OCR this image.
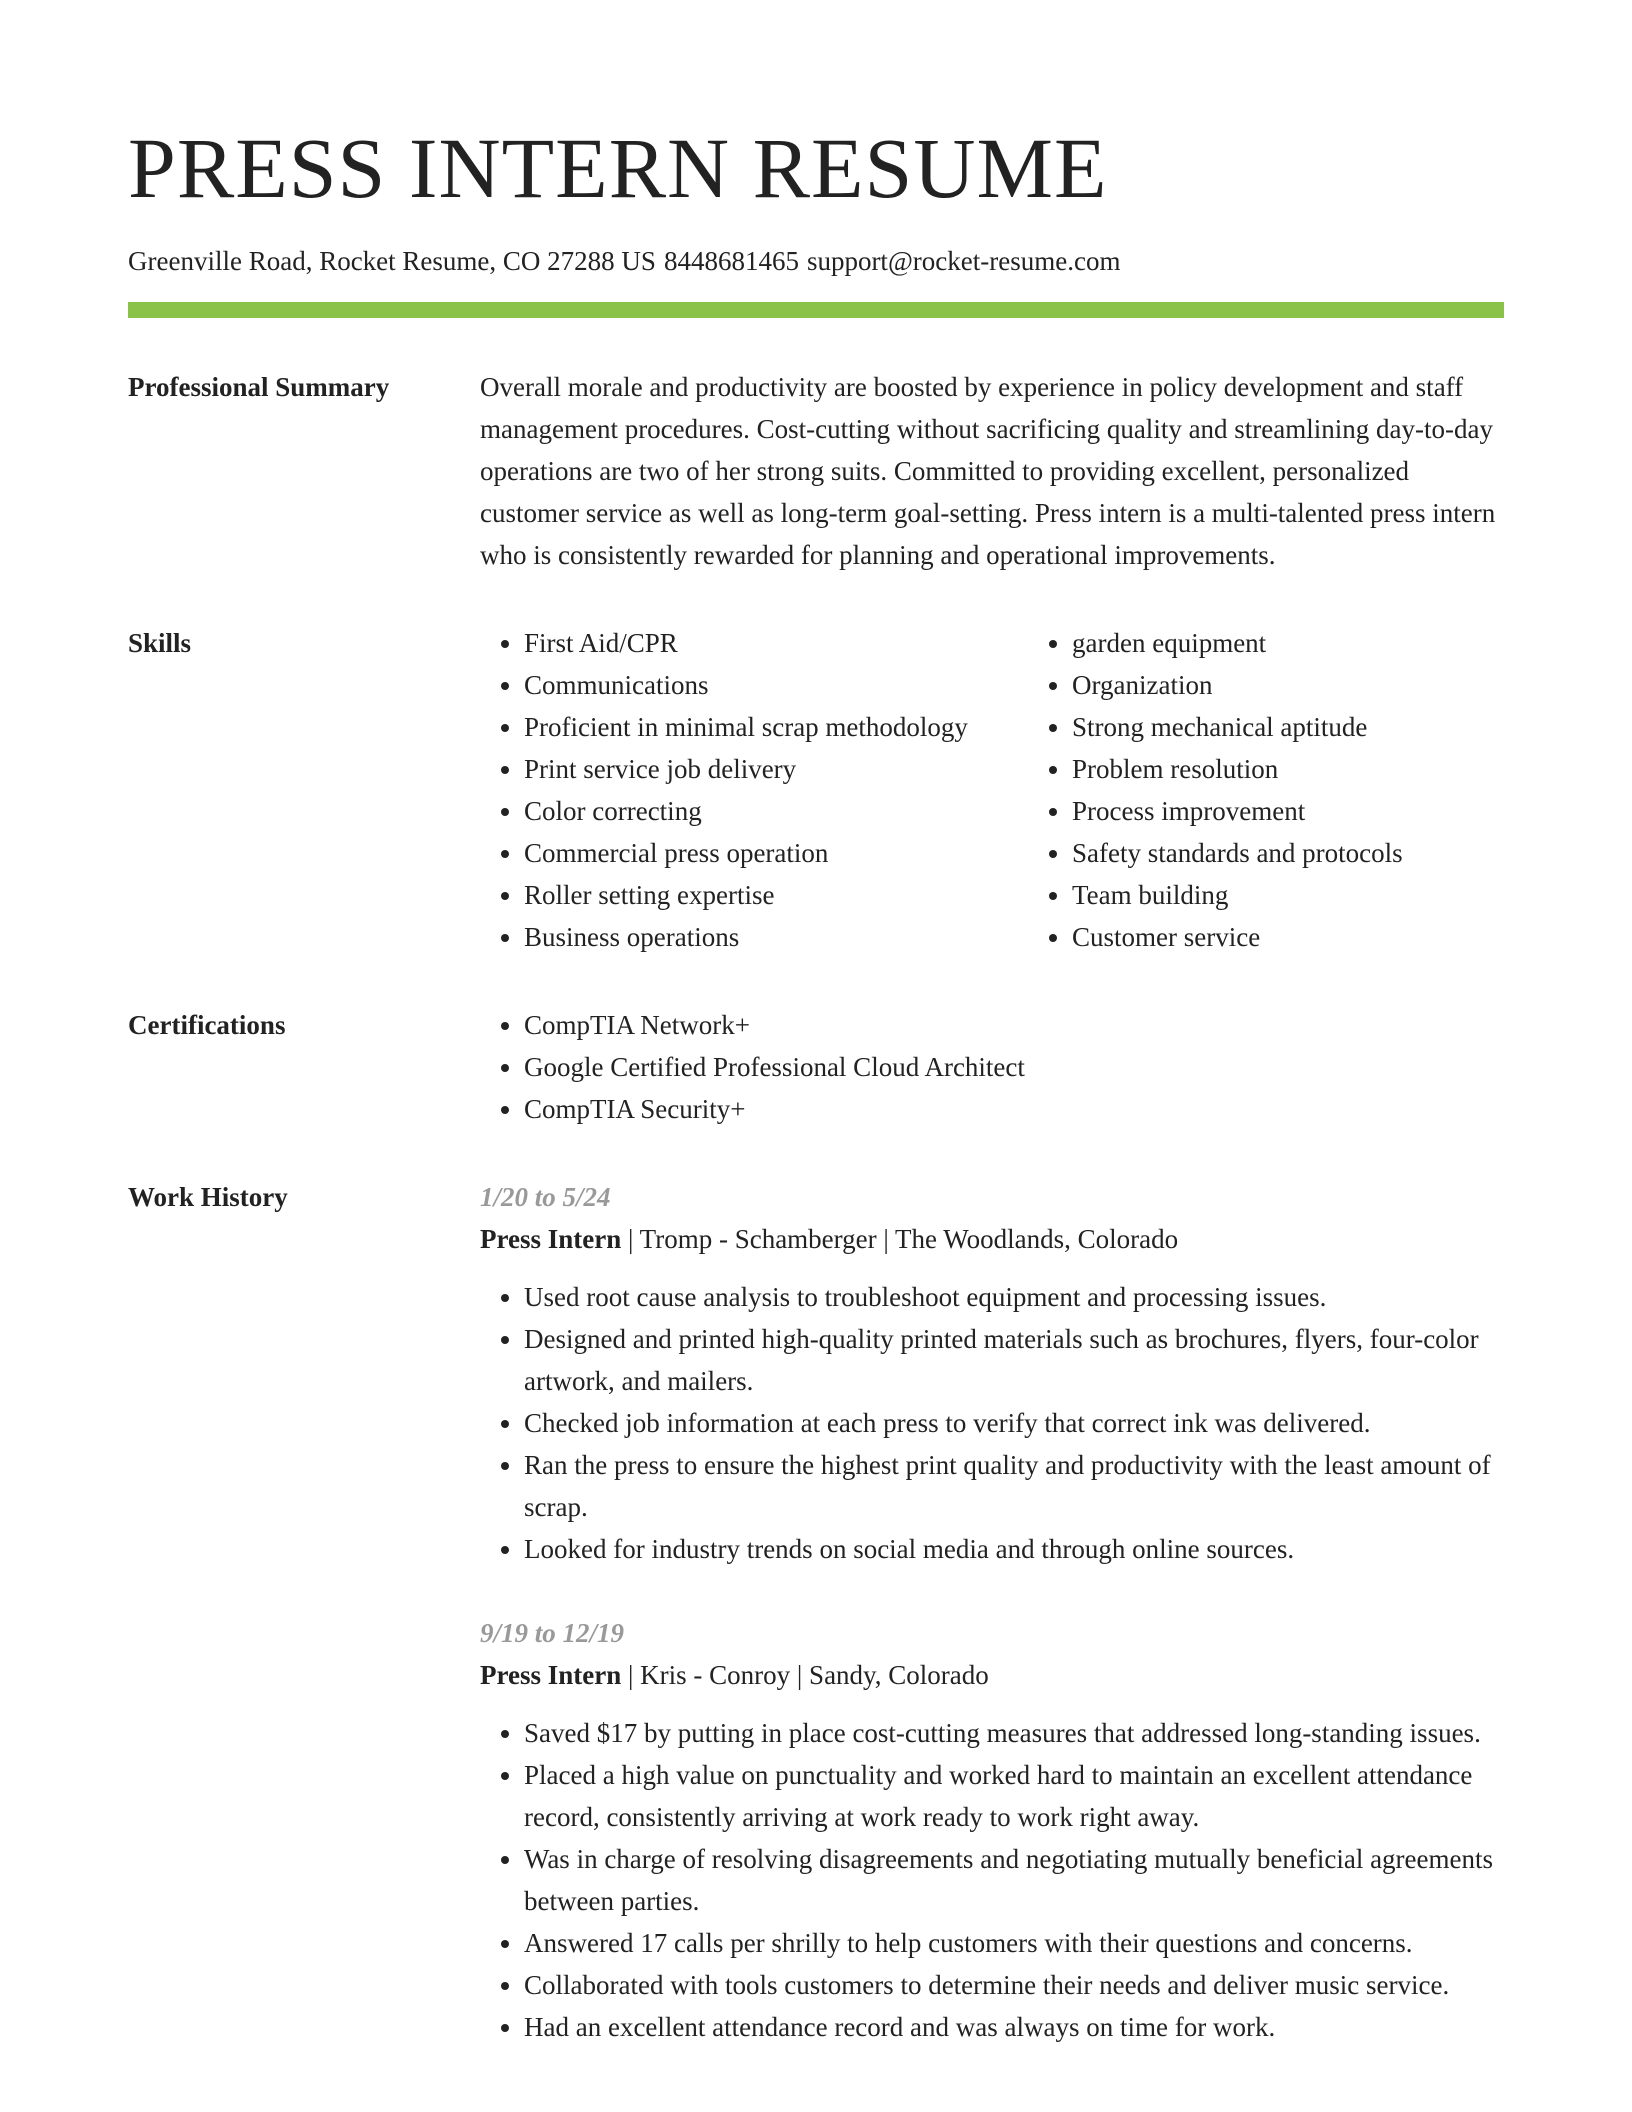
PRESS INTERN RESUME
Greenville Road, Rocket Resume, CO 27288 US 8448681465 support@rocket-resume.com
Professional Summary	Overall morale and productivity are boosted by experience in policy development and staff management procedures. Cost-cutting without sacrificing quality and streamlining day-to-day operations are two of her strong suits. Committed to providing excellent, personalized customer service as well as long-term goal-setting. Press intern is a multi-talented press intern who is consistently rewarded for planning and operational improvements.

Skills	• First Aid/CPR
• Communications
• Proficient in minimal scrap methodology
• Print service job delivery
• Color correcting
• Commercial press operation
• Roller setting expertise
• Business operations
• garden equipment
• Organization
• Strong mechanical aptitude
• Problem resolution
• Process improvement
• Safety standards and protocols
• Team building
• Customer service
Certifications	• CompTIA Network+
• Google Certified Professional Cloud Architect
• CompTIA Security+
Work History	1/20 to 5/24
Press Intern | Tromp - Schamberger | The Woodlands, Colorado
• Used root cause analysis to troubleshoot equipment and processing issues.
• Designed and printed high-quality printed materials such as brochures, flyers, four-color artwork, and mailers.
• Checked job information at each press to verify that correct ink was delivered.
• Ran the press to ensure the highest print quality and productivity with the least amount of scrap.
• Looked for industry trends on social media and through online sources.
9/19 to 12/19
Press Intern | Kris - Conroy | Sandy, Colorado
• Saved $17 by putting in place cost-cutting measures that addressed long-standing issues.
• Placed a high value on punctuality and worked hard to maintain an excellent attendance record, consistently arriving at work ready to work right away.
• Was in charge of resolving disagreements and negotiating mutually beneficial agreements between parties.
• Answered 17 calls per shrilly to help customers with their questions and concerns.
• Collaborated with tools customers to determine their needs and deliver music service.
• Had an excellent attendance record and was always on time for work.
